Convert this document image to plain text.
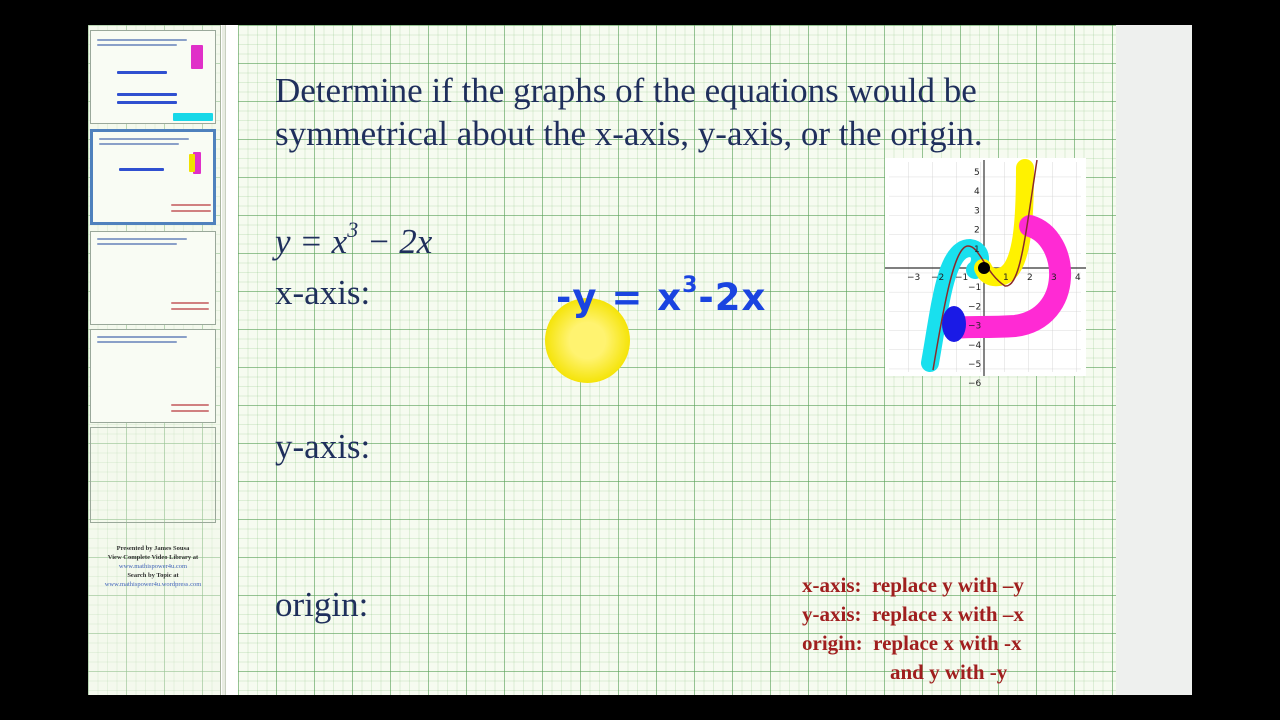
Presented by James Sousa
View Complete Video Library at
www.mathispower4u.com
Search by Topic at
www.mathispower4u.wordpress.com
Determine if the graphs of the equations would be symmetrical about the x-axis, y-axis, or the origin.
$y = x^3 - 2x$
x-axis:
y-axis:
origin:
$-y = x^3-2x$	−3 −2 −1	1 2 3 4
5
4
3
2
1
−1
−2
−3
−4
−5
−6
x-axis:  replace y with –y
y-axis:  replace x with –x
origin:  replace x with -x
and y with -y
